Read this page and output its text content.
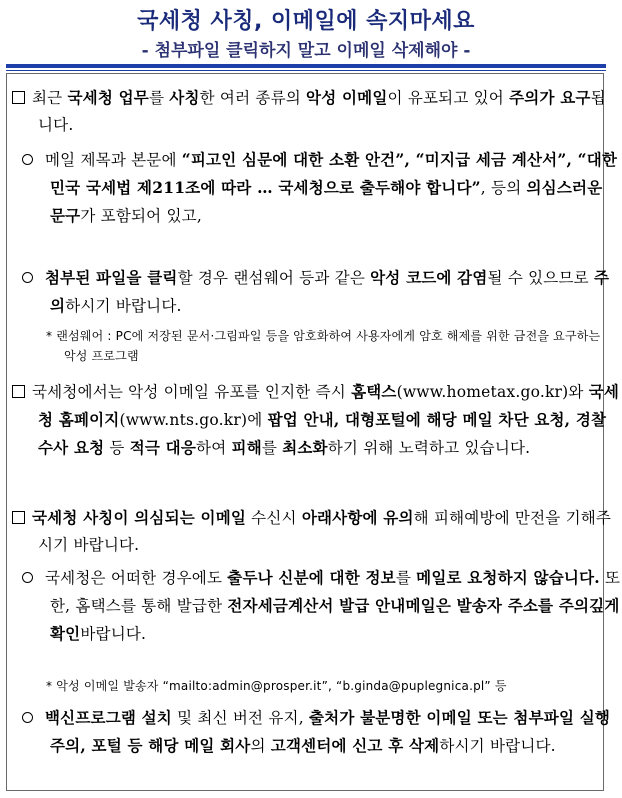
국세청 사칭, 이메일에 속지마세요
- 첨부파일 클릭하지 말고 이메일 삭제해야 -
최근 국세청 업무를 사칭한 여러 종류의 악성 이메일이 유포되고 있어 주의가 요구됩니다.
메일 제목과 본문에 “피고인 심문에 대한 소환 안건”, “미지급 세금 계산서”, “대한민국 국세법 제211조에 따라 … 국세청으로 출두해야 합니다”, 등의 의심스러운 문구가 포함되어 있고,
첨부된 파일을 클릭할 경우 랜섬웨어 등과 같은 악성 코드에 감염될 수 있으므로 주의하시기 바랍니다.
* 랜섬웨어 : PC에 저장된 문서·그림파일 등을 암호화하여 사용자에게 암호 해제를 위한 금전을 요구하는 악성 프로그램
국세청에서는 악성 이메일 유포를 인지한 즉시 홈택스(www.hometax.go.kr)와 국세청 홈페이지(www.nts.go.kr)에 팝업 안내, 대형포털에 해당 메일 차단 요청, 경찰 수사 요청 등 적극 대응하여 피해를 최소화하기 위해 노력하고 있습니다.
국세청 사칭이 의심되는 이메일 수신시 아래사항에 유의해 피해예방에 만전을 기해주시기 바랍니다.
국세청은 어떠한 경우에도 출두나 신분에 대한 정보를 메일로 요청하지 않습니다. 또한, 홈택스를 통해 발급한 전자세금계산서 발급 안내메일은 발송자 주소를 주의깊게 확인바랍니다.
* 악성 이메일 발송자 “mailto:admin@prosper.it”, “b.ginda@puplegnica.pl” 등
백신프로그램 설치 및 최신 버전 유지, 출처가 불분명한 이메일 또는 첨부파일 실행 주의, 포털 등 해당 메일 회사의 고객센터에 신고 후 삭제하시기 바랍니다.
